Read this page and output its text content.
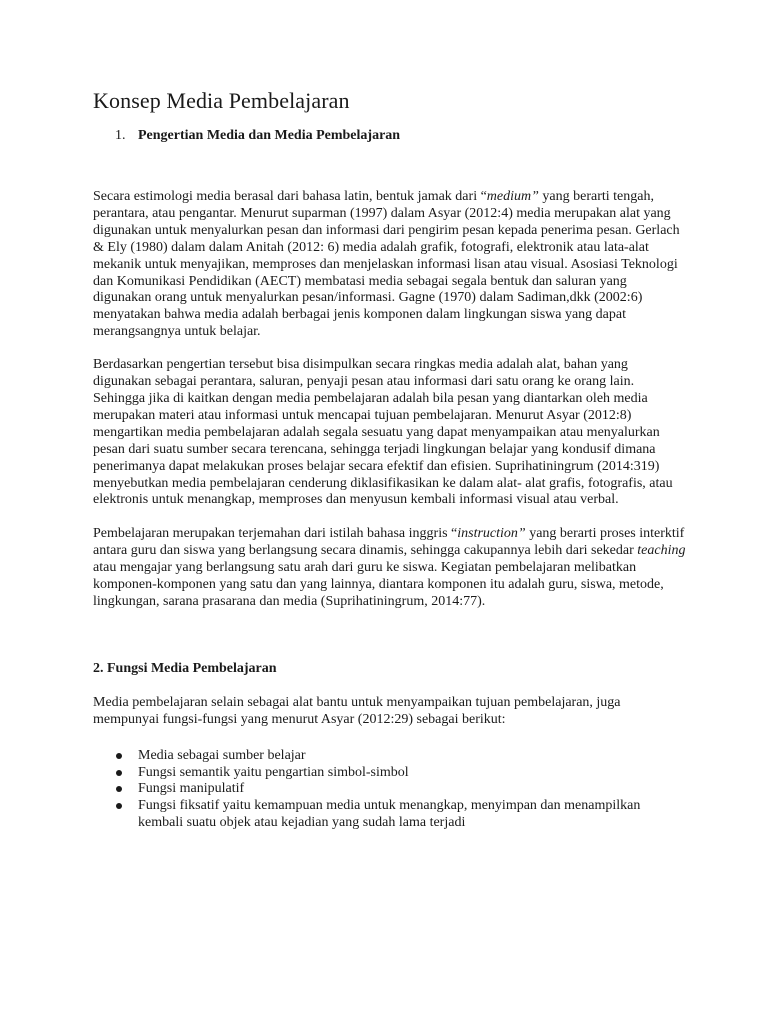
Konsep Media Pembelajaran
1. Pengertian Media dan Media Pembelajaran

Secara estimologi media berasal dari bahasa latin, bentuk jamak dari “medium” yang berarti tengah, perantara, atau pengantar. Menurut suparman (1997) dalam Asyar (2012:4) media merupakan alat yang digunakan untuk menyalurkan pesan dan informasi dari pengirim pesan kepada penerima pesan. Gerlach & Ely (1980) dalam dalam Anitah (2012: 6) media adalah grafik, fotografi, elektronik atau lata-alat mekanik untuk menyajikan, memproses dan menjelaskan informasi lisan atau visual. Asosiasi Teknologi dan Komunikasi Pendidikan (AECT) membatasi media sebagai segala bentuk dan saluran yang digunakan orang untuk menyalurkan pesan/informasi. Gagne (1970) dalam Sadiman,dkk (2002:6) menyatakan bahwa media adalah berbagai jenis komponen dalam lingkungan siswa yang dapat merangsangnya untuk belajar.

Berdasarkan pengertian tersebut bisa disimpulkan secara ringkas media adalah alat, bahan yang digunakan sebagai perantara, saluran, penyaji pesan atau informasi dari satu orang ke orang lain. Sehingga jika di kaitkan dengan media pembelajaran adalah bila pesan yang diantarkan oleh media merupakan materi atau informasi untuk mencapai tujuan pembelajaran. Menurut Asyar (2012:8) mengartikan media pembelajaran adalah segala sesuatu yang dapat menyampaikan atau menyalurkan pesan dari suatu sumber secara terencana, sehingga terjadi lingkungan belajar yang kondusif dimana penerimanya dapat melakukan proses belajar secara efektif dan efisien. Suprihatiningrum (2014:319) menyebutkan media pembelajaran cenderung diklasifikasikan ke dalam alat- alat grafis, fotografis, atau elektronis untuk menangkap, memproses dan menyusun kembali informasi visual atau verbal.

Pembelajaran merupakan terjemahan dari istilah bahasa inggris “instruction” yang berarti proses interktif antara guru dan siswa yang berlangsung secara dinamis, sehingga cakupannya lebih dari sekedar teaching atau mengajar yang berlangsung satu arah dari guru ke siswa. Kegiatan pembelajaran melibatkan komponen-komponen yang satu dan yang lainnya, diantara komponen itu adalah guru, siswa, metode, lingkungan, sarana prasarana dan media (Suprihatiningrum, 2014:77).

2. Fungsi Media Pembelajaran

Media pembelajaran selain sebagai alat bantu untuk menyampaikan tujuan pembelajaran, juga mempunyai fungsi-fungsi yang menurut Asyar (2012:29) sebagai berikut:

Media sebagai sumber belajar
Fungsi semantik yaitu pengartian simbol-simbol
Fungsi manipulatif
Fungsi fiksatif yaitu kemampuan media untuk menangkap, menyimpan dan menampilkan kembali suatu objek atau kejadian yang sudah lama terjadi
